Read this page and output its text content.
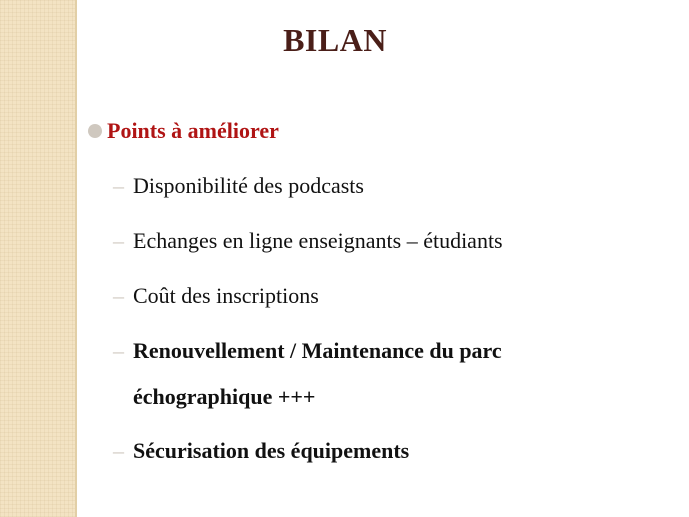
BILAN
Points à améliorer
– Disponibilité des podcasts
– Echanges en ligne enseignants – étudiants
– Coût des inscriptions
– Renouvellement / Maintenance du parc
échographique +++
– Sécurisation des équipements
